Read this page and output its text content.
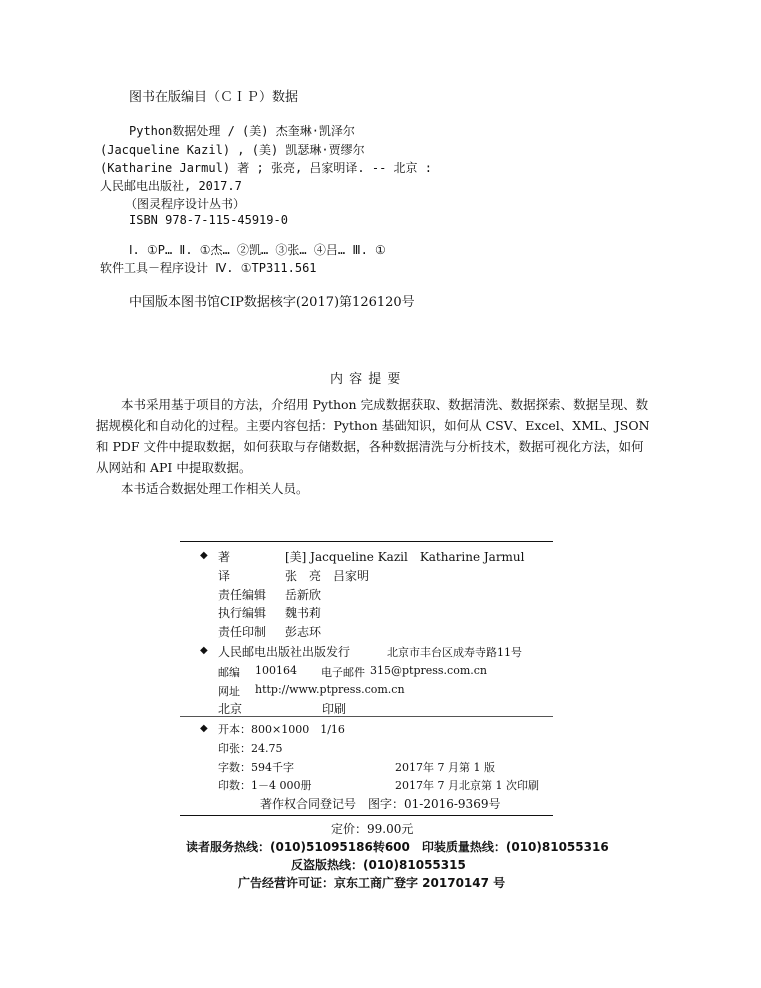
图书在版编目（ＣＩＰ）数据
Python数据处理 / (美) 杰奎琳·凯泽尔
(Jacqueline Kazil) , (美) 凯瑟琳·贾缪尔
(Katharine Jarmul) 著 ; 张亮, 吕家明译. -- 北京 :
人民邮电出版社, 2017.7
（图灵程序设计丛书）
ISBN 978-7-115-45919-0
Ⅰ. ①P… Ⅱ. ①杰… ②凯… ③张… ④吕… Ⅲ. ①
软件工具－程序设计 Ⅳ. ①TP311.561
中国版本图书馆CIP数据核字(2017)第126120号
内 容 提 要

本书采用基于项目的方法，介绍用 Python 完成数据获取、数据清洗、数据探索、数据呈现、数据规模化和自动化的过程。主要内容包括：Python 基础知识，如何从 CSV、Excel、XML、JSON 和 PDF 文件中提取数据，如何获取与存储数据，各种数据清洗与分析技术，数据可视化方法，如何从网站和 API 中提取数据。

本书适合数据处理工作相关人员。

◆ 著	[美] Jacqueline Kazil　Katharine Jarmul
译	张　亮　吕家明
责任编辑 岳新欣
执行编辑 魏书莉
责任印制 彭志环
◆ 人民邮电出版社出版发行	北京市丰台区成寿寺路11号
邮编 100164 电子邮件 315@ptpress.com.cn
网址 http://www.ptpress.com.cn
北京	印刷
◆ 开本：800×1000　1/16
印张：24.75
字数：594千字	2017年 7 月第 1 版
印数：1－4 000册	2017年 7 月北京第 1 次印刷
著作权合同登记号　图字：01-2016-9369号
定价：99.00元
读者服务热线：(010)51095186转600　印装质量热线：(010)81055316
反盗版热线：(010)81055315
广告经营许可证：京东工商广登字 20170147 号
